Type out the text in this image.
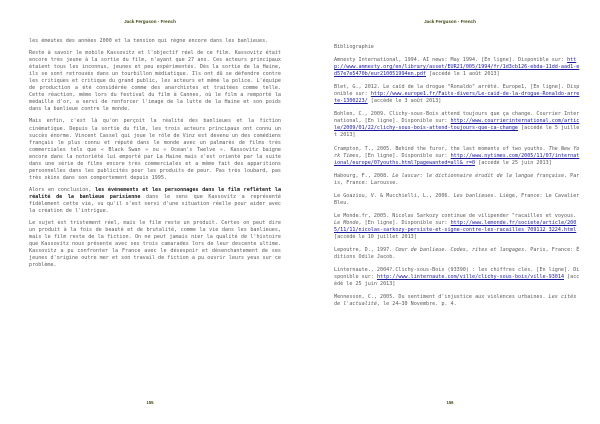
Jack Ferguson - French

les émeutes des années 2000 et la tension qui règne encore dans les banlieues.

Reste à savoir le mobile Kassovitz et l'objectif réel de ce film. Kassovitz était encore très jeune à la sortie du film, n'ayant que 27 ans. Ces acteurs principaux étaient tous les inconnus, jeunes et peu expérimentés. Dès la sortie de la Haine, ils se sont retrouvés dans un tourbillon médiatique. Ils ont dû se défendre contre les critiques et critique du grand public, les acteurs et même la police. L'équipe de production a été considérée comme des anarchistes et traitées comme telle. Cette réaction, même lors du festival du film à Cannes, où le film a remporté la médaille d'or, a servi de renforcer l'image de la lutte de la Haine et son poids dans la banlieue contre le monde.

Mais enfin, c'est là qu'on perçoit la réalité des banlieues et la fiction cinématique. Depuis la sortie du film, les trois acteurs principaux ont connu un succès énorme. Vincent Cassel qui joue le rôle de Vinz est devenu un des comédiens français le plus connu et réputé dans le monde avec un palmarès de films très commerciales tels que « Black Swan » ou « Ocean's Twelve ». Kassovitz baigne encore dans la notoriété lui emporté par La Haine mais s'est orienté par la suite dans une série de films encore très commerciales et a même fait des apparitions personnelles dans les publicités pour les produits de peur. Pas très loubard, pas très skins dans son comportement depuis 1995.

Alors en conclusion, les événements et les personnages dans le film reflètent la réalité de la banlieue parisienne dans le sens que Kassovitz a représenté fidèlement cette vie, vu qu'il s'est servi d'une situation réelle pour aider avec la création de l'intrigue.

Le sujet est tristement réel, mais le film reste un produit. Certes on peut dire un produit à la fois de beauté et de brutalité, comme la vie dans les banlieues, mais le film reste de la fiction. On ne peut jamais nier la qualité de l'histoire que Kassovitz nous présente avec ses trois camarades lors de leur descente ultime. Kassovitz a pu confronter la France avec le désespoir et désenchantement de ses jeunes d'origine outre mer et son travail de fiction a pu ouvrir leurs yeux sur ce problème.

155
Jack Ferguson - French
Bibliographie
Amnesty International, 1994. AI news: May 1994. [En ligne]. Disponible sur: http://www.amnesty.org/en/library/asset/EUR21/005/1994/fr/1d3cb126-ebda-11dd-aad1-ed57e7e5470b/eur210051994en.pdf [accédé le 1 août 2013]
Blet, G., 2012. Le caïd de la drogue "Ronaldo" arrêté. Europe1, [En ligne]. Disponible sur: http://www.europe1.fr/Faits-divers/Le-caid-de-la-drogue-Ronaldo-arrete-1300223/ [accédé le 3 août 2013]
Bohlen, C., 2009. Clichy-sous-Bois attend toujours que ça change. Courrier International, [En ligne]. Disponible sur: http://www.courrierinternational.com/article/2009/01/22/clichy-sous-bois-attend-toujours-que-ca-change [accédé le 5 juillet 2013]
Crampton, T., 2005. Behind the furor, the last moments of two youths. The New York Times, [En ligne]. Disponible sur: http://www.nytimes.com/2005/11/07/international/europe/07youths.html?pagewanted=all&_r=0 [accédé le 25 juin 2013]
Habourg, F., 2008. Le lascar: le dictionnaire érudit de la langue française. Paris, France: Larousse.
Le Goaziou, V. & Mucchielli, L., 2006. Les banlieues. Liège, France: Le Cavalier Bleu.
Le Monde.fr, 2005. Nicolas Sarkozy continue de vilipender "racailles et voyous. Le Monde, [En ligne]. Disponible sur: http://www.lemonde.fr/societe/article/2005/11/11/nicolas-sarkozy-persiste-et-signe-contre-les-racailles_709112_3224.html [accédé le 10 juillet 2013]
Lepoutre, D., 1997. Cœur de banlieue. Codes, rites et langages. Paris, France: Éditions Odile Jacob.
Linternaute., 2004?.Clichy-sous-Bois (93390) : les chiffres clés. [En ligne]. Disponible sur: http://www.linternaute.com/ville/clichy-sous-bois/ville-93014 [accédé le 25 juin 2013]
Mennesson, C., 2005. Du sentiment d'injustice aux violences urbaines. Les cités de l'actualité, le 24–30 Novembre. p. 4.
156
